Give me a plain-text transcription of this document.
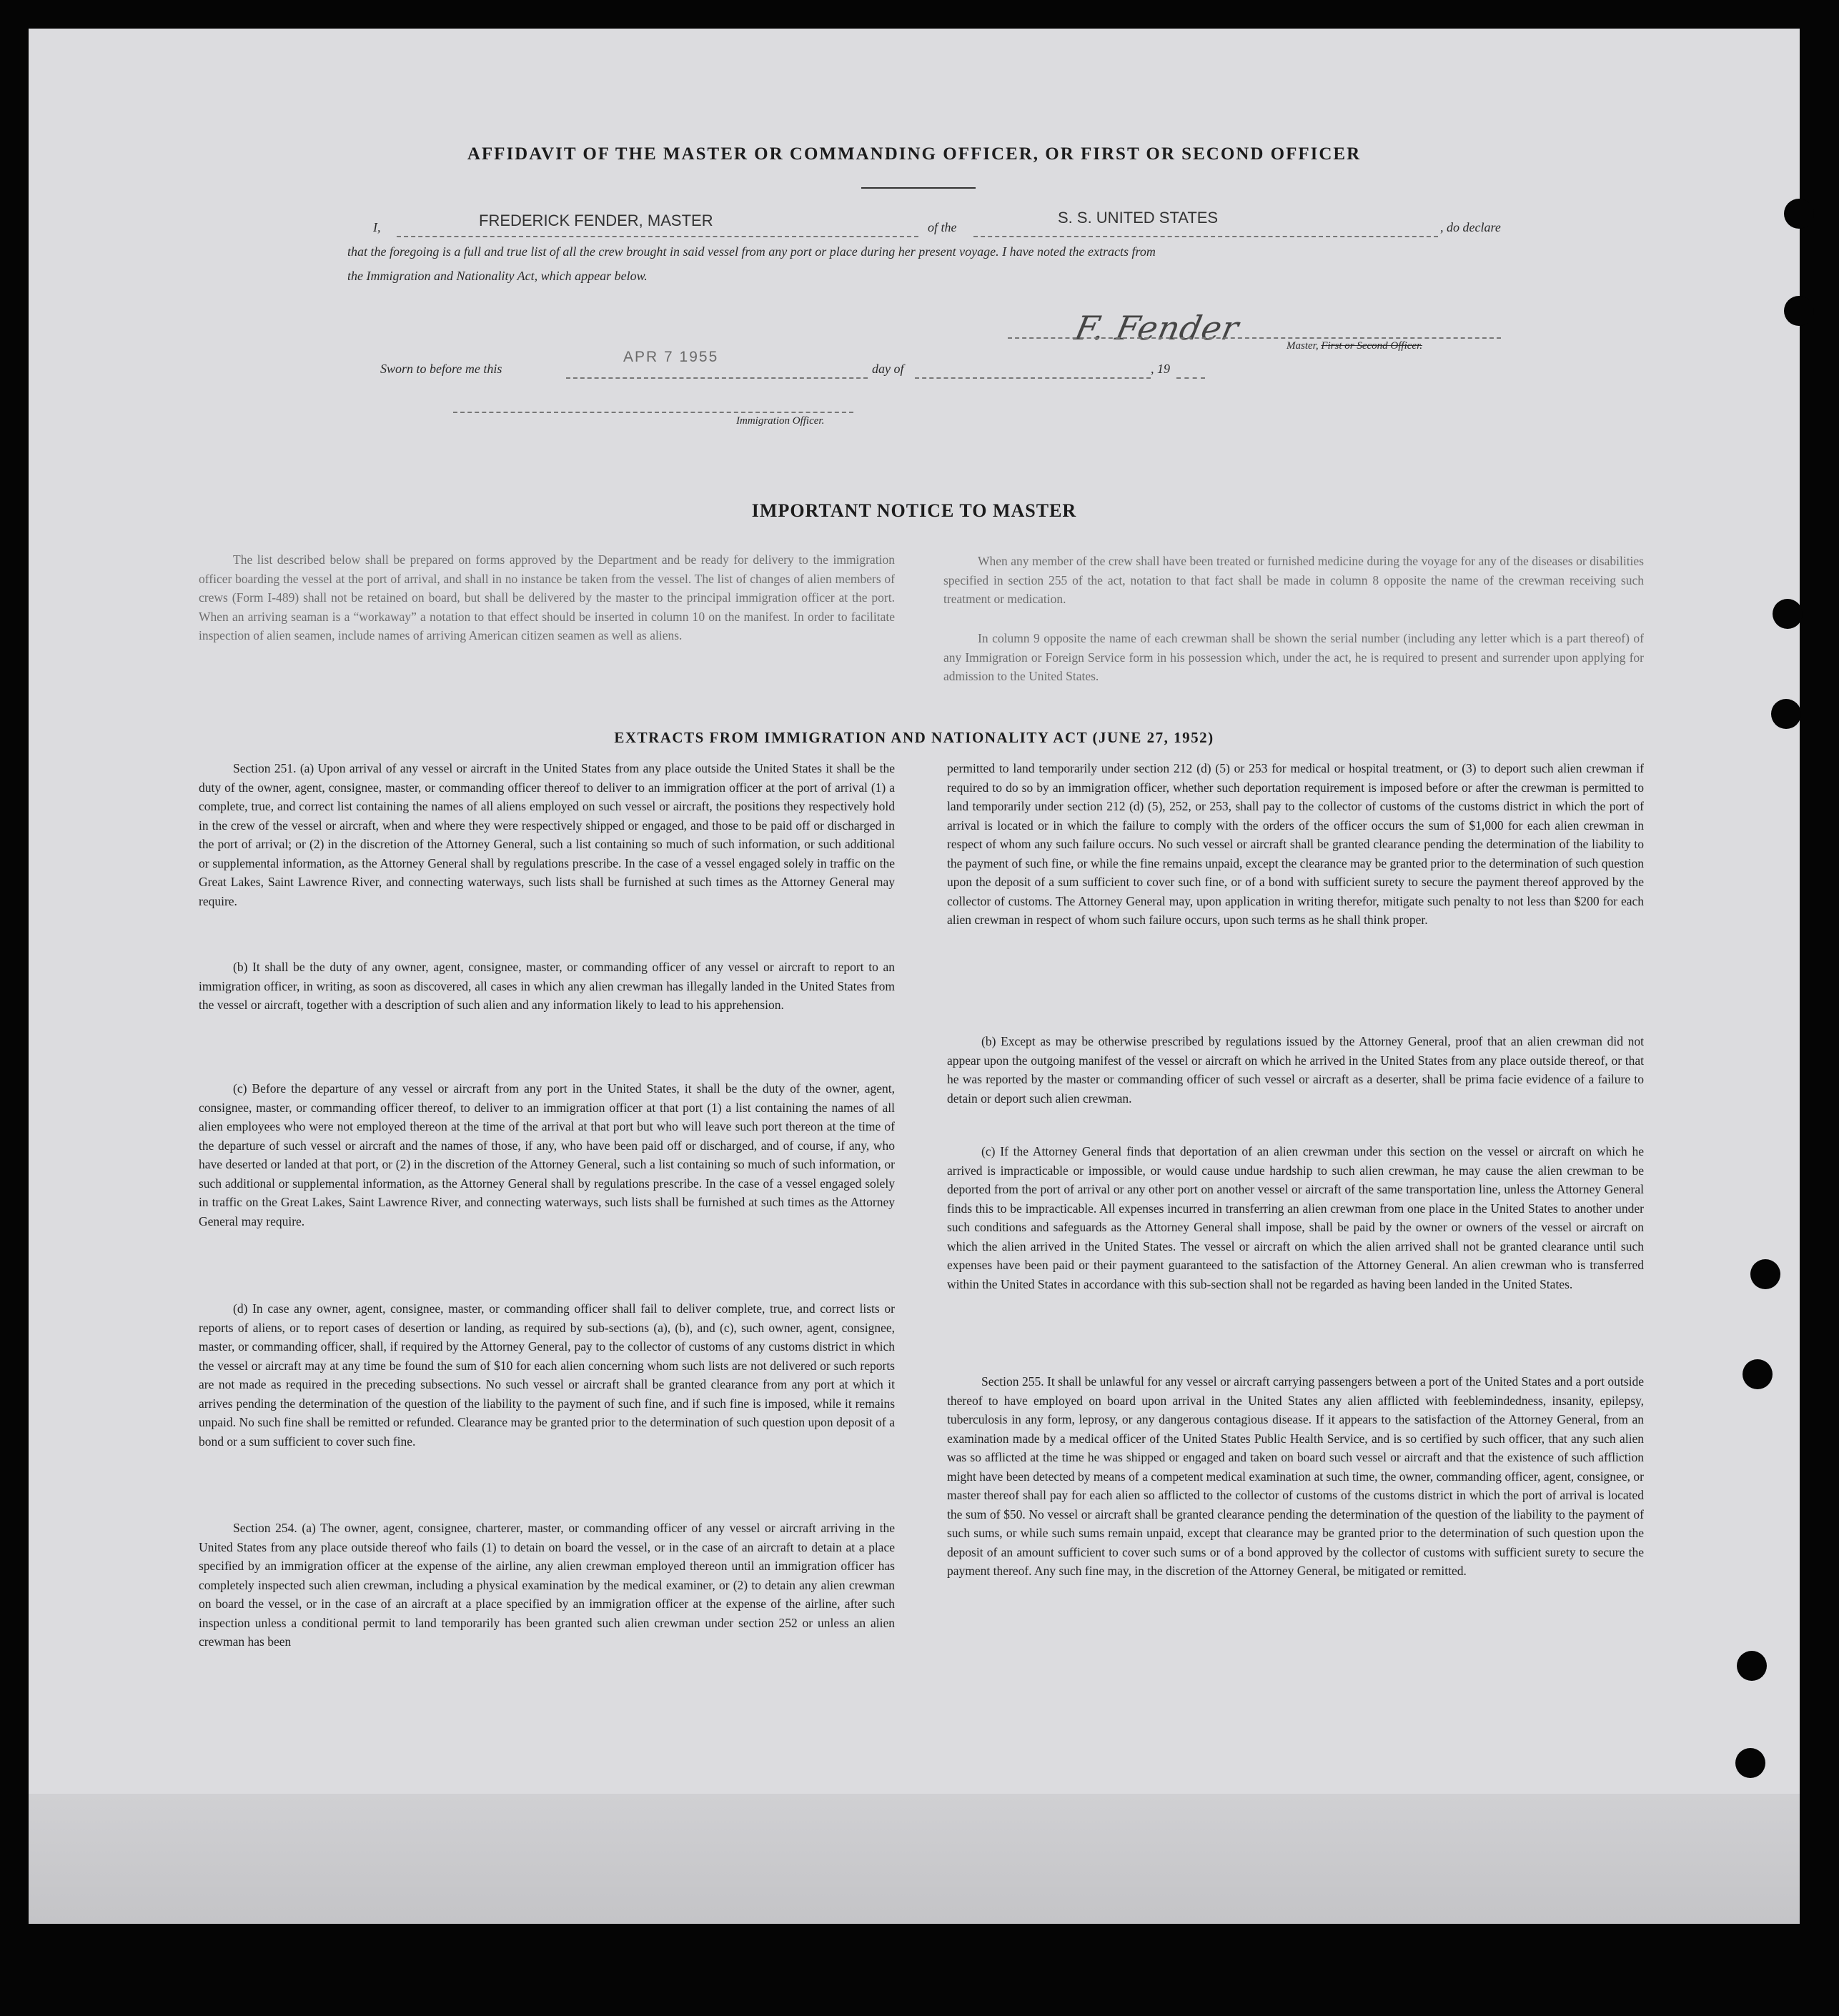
AFFIDAVIT OF THE MASTER OR COMMANDING OFFICER, OR FIRST OR SECOND OFFICER
I,	FREDERICK FENDER, MASTER	of the
S. S. UNITED STATES
, do declare
that the foregoing is a full and true list of all the crew brought in said vessel from any port or place during her present voyage. I have noted the extracts from
the Immigration and Nationality Act, which appear below.
F. Fender	Master, First or Second Officer.
Sworn to before me this
APR 7 1955
day of	, 19
Immigration Officer.
IMPORTANT NOTICE TO MASTER

The list described below shall be prepared on forms approved by the Department and be ready for delivery to the immigration officer boarding the vessel at the port of arrival, and shall in no instance be taken from the vessel. The list of changes of alien members of crews (Form I-489) shall not be retained on board, but shall be delivered by the master to the principal immigration officer at the port. When an arriving seaman is a “workaway” a notation to that effect should be inserted in column 10 on the manifest. In order to facilitate inspection of alien seamen, include names of arriving American citizen seamen as well as aliens.

When any member of the crew shall have been treated or furnished medicine during the voyage for any of the diseases or disabilities specified in section 255 of the act, notation to that fact shall be made in column 8 opposite the name of the crewman receiving such treatment or medication.

In column 9 opposite the name of each crewman shall be shown the serial number (including any letter which is a part thereof) of any Immigration or Foreign Service form in his possession which, under the act, he is required to present and surrender upon applying for admission to the United States.

EXTRACTS FROM IMMIGRATION AND NATIONALITY ACT (JUNE 27, 1952)

Section 251. (a) Upon arrival of any vessel or aircraft in the United States from any place outside the United States it shall be the duty of the owner, agent, consignee, master, or commanding officer thereof to deliver to an immigration officer at the port of arrival (1) a complete, true, and correct list containing the names of all aliens employed on such vessel or aircraft, the positions they respectively hold in the crew of the vessel or aircraft, when and where they were respectively shipped or engaged, and those to be paid off or discharged in the port of arrival; or (2) in the discretion of the Attorney General, such a list containing so much of such information, or such additional or supplemental information, as the Attorney General shall by regulations prescribe. In the case of a vessel engaged solely in traffic on the Great Lakes, Saint Lawrence River, and connecting waterways, such lists shall be furnished at such times as the Attorney General may require.

(b) It shall be the duty of any owner, agent, consignee, master, or commanding officer of any vessel or aircraft to report to an immigration officer, in writing, as soon as discovered, all cases in which any alien crewman has illegally landed in the United States from the vessel or aircraft, together with a description of such alien and any information likely to lead to his apprehension.

(c) Before the departure of any vessel or aircraft from any port in the United States, it shall be the duty of the owner, agent, consignee, master, or commanding officer thereof, to deliver to an immigration officer at that port (1) a list containing the names of all alien employees who were not employed thereon at the time of the arrival at that port but who will leave such port thereon at the time of the departure of such vessel or aircraft and the names of those, if any, who have been paid off or discharged, and of course, if any, who have deserted or landed at that port, or (2) in the discretion of the Attorney General, such a list containing so much of such information, or such additional or supplemental information, as the Attorney General shall by regulations prescribe. In the case of a vessel engaged solely in traffic on the Great Lakes, Saint Lawrence River, and connecting waterways, such lists shall be furnished at such times as the Attorney General may require.

(d) In case any owner, agent, consignee, master, or commanding officer shall fail to deliver complete, true, and correct lists or reports of aliens, or to report cases of desertion or landing, as required by sub-sections (a), (b), and (c), such owner, agent, consignee, master, or commanding officer, shall, if required by the Attorney General, pay to the collector of customs of any customs district in which the vessel or aircraft may at any time be found the sum of $10 for each alien concerning whom such lists are not delivered or such reports are not made as required in the preceding subsections. No such vessel or aircraft shall be granted clearance from any port at which it arrives pending the determination of the question of the liability to the payment of such fine, and if such fine is imposed, while it remains unpaid. No such fine shall be remitted or refunded. Clearance may be granted prior to the determination of such question upon deposit of a bond or a sum sufficient to cover such fine.

Section 254. (a) The owner, agent, consignee, charterer, master, or commanding officer of any vessel or aircraft arriving in the United States from any place outside thereof who fails (1) to detain on board the vessel, or in the case of an aircraft to detain at a place specified by an immigration officer at the expense of the airline, any alien crewman employed thereon until an immigration officer has completely inspected such alien crewman, including a physical examination by the medical examiner, or (2) to detain any alien crewman on board the vessel, or in the case of an aircraft at a place specified by an immigration officer at the expense of the airline, after such inspection unless a conditional permit to land temporarily has been granted such alien crewman under section 252 or unless an alien crewman has been

permitted to land temporarily under section 212 (d) (5) or 253 for medical or hospital treatment, or (3) to deport such alien crewman if required to do so by an immigration officer, whether such deportation requirement is imposed before or after the crewman is permitted to land temporarily under section 212 (d) (5), 252, or 253, shall pay to the collector of customs of the customs district in which the port of arrival is located or in which the failure to comply with the orders of the officer occurs the sum of $1,000 for each alien crewman in respect of whom any such failure occurs. No such vessel or aircraft shall be granted clearance pending the determination of the liability to the payment of such fine, or while the fine remains unpaid, except the clearance may be granted prior to the determination of such question upon the deposit of a sum sufficient to cover such fine, or of a bond with sufficient surety to secure the payment thereof approved by the collector of customs. The Attorney General may, upon application in writing therefor, mitigate such penalty to not less than $200 for each alien crewman in respect of whom such failure occurs, upon such terms as he shall think proper.

(b) Except as may be otherwise prescribed by regulations issued by the Attorney General, proof that an alien crewman did not appear upon the outgoing manifest of the vessel or aircraft on which he arrived in the United States from any place outside thereof, or that he was reported by the master or commanding officer of such vessel or aircraft as a deserter, shall be prima facie evidence of a failure to detain or deport such alien crewman.

(c) If the Attorney General finds that deportation of an alien crewman under this section on the vessel or aircraft on which he arrived is impracticable or impossible, or would cause undue hardship to such alien crewman, he may cause the alien crewman to be deported from the port of arrival or any other port on another vessel or aircraft of the same transportation line, unless the Attorney General finds this to be impracticable. All expenses incurred in transferring an alien crewman from one place in the United States to another under such conditions and safeguards as the Attorney General shall impose, shall be paid by the owner or owners of the vessel or aircraft on which the alien arrived in the United States. The vessel or aircraft on which the alien arrived shall not be granted clearance until such expenses have been paid or their payment guaranteed to the satisfaction of the Attorney General. An alien crewman who is transferred within the United States in accordance with this sub-section shall not be regarded as having been landed in the United States.

Section 255. It shall be unlawful for any vessel or aircraft carrying passengers between a port of the United States and a port outside thereof to have employed on board upon arrival in the United States any alien afflicted with feeblemindedness, insanity, epilepsy, tuberculosis in any form, leprosy, or any dangerous contagious disease. If it appears to the satisfaction of the Attorney General, from an examination made by a medical officer of the United States Public Health Service, and is so certified by such officer, that any such alien was so afflicted at the time he was shipped or engaged and taken on board such vessel or aircraft and that the existence of such affliction might have been detected by means of a competent medical examination at such time, the owner, commanding officer, agent, consignee, or master thereof shall pay for each alien so afflicted to the collector of customs of the customs district in which the port of arrival is located the sum of $50. No vessel or aircraft shall be granted clearance pending the determination of the question of the liability to the payment of such sums, or while such sums remain unpaid, except that clearance may be granted prior to the determination of such question upon the deposit of an amount sufficient to cover such sums or of a bond approved by the collector of customs with sufficient surety to secure the payment thereof. Any such fine may, in the discretion of the Attorney General, be mitigated or remitted.
